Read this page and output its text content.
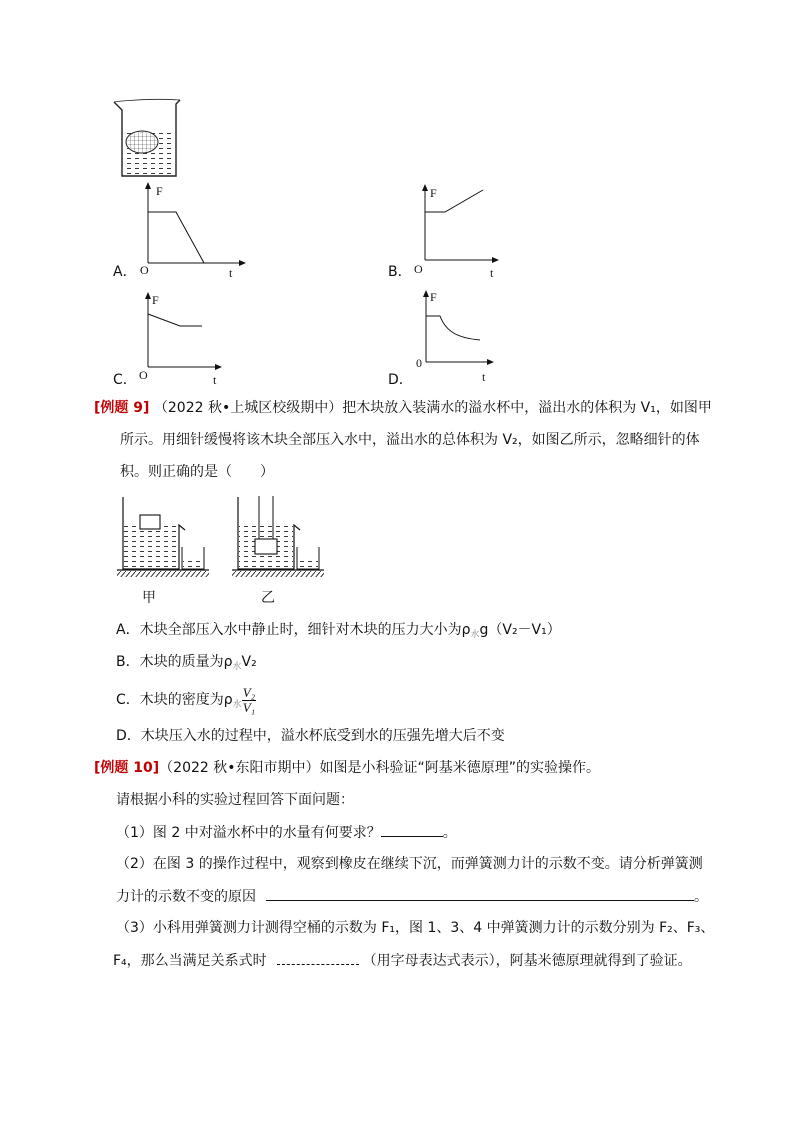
A．
F
O	t	B．
F
O	t
C．
F
O	t	D．
F
0
t
[例题 9] （2022 秋•上城区校级期中）把木块放入装满水的溢水杯中，溢出水的体积为 V₁，如图甲
所示。用细针缓慢将该木块全部压入水中，溢出水的总体积为 V₂，如图乙所示，忽略细针的体
积。则正确的是（　　）
甲	乙
A．木块全部压入水中静止时，细针对木块的压力大小为$\rho_水g(V_2-V_1)$
B．木块的质量为$\rho_水V_2$
C．木块的密度为$\rho_水 \frac{\text{V₂}}{\text{V₁}}$
D．木块压入水的过程中，溢水杯底受到水的压强先增大后不变
[例题 10]（2022 秋•东阳市期中）如图是小科验证“阿基米德原理”的实验操作。
请根据小科的实验过程回答下面问题：
（1）图 2 中对溢水杯中的水量有何要求？	。
（2）在图 3 的操作过程中，观察到橡皮在继续下沉，而弹簧测力计的示数不变。请分析弹簧测
力计的示数不变的原因	。
（3）小科用弹簧测力计测得空桶的示数为 F₁，图 1、3、4 中弹簧测力计的示数分别为 F₂、F₃、
F₄，那么当满足关系式时	（用字母表达式表示），阿基米德原理就得到了验证。
